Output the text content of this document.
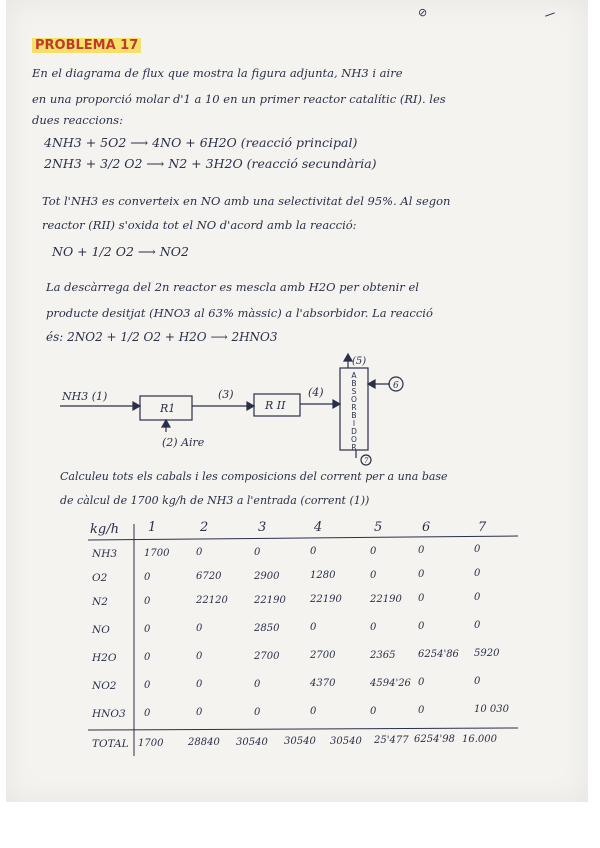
⊘
PROBLEMA 17
En el diagrama de flux que mostra la figura adjunta, NH3 i aire
en una proporció molar d'1 a 10 en un primer reactor catalític (RI). les
dues reaccions:
4NH3 + 5O2 ⟶ 4NO + 6H2O (reacció principal)
2NH3 + 3/2 O2 ⟶ N2 + 3H2O (reacció secundària)
Tot l'NH3 es converteix en NO amb una selectivitat del 95%. Al segon
reactor (RII) s'oxida tot el NO d'acord amb la reacció:
NO + 1/2 O2 ⟶ NO2
La descàrrega del 2n reactor es mescla amb H2O per obtenir el
producte desitjat (HNO3 al 63% màssic) a l'absorbidor. La reacció
és: 2NO2 + 1/2 O2 + H2O ⟶ 2HNO3
NH3 (1)
R1
(2) Aire
(3)
R II
(4)
(5)
6
7
A
B
S
O
R
B
I
D
O
R
Calculeu tots els cabals i les composicions del corrent per a una base
de càlcul de 1700 kg/h de NH3 a l'entrada (corrent (1))
kg/h 1	2	3	4	5	6	7
NH3	1700	0	0	0	0	0	0
O2	0	6720	2900	1280	0	0	0
N2	0	22120	22190 22190	22190 0	0
NO	0	0	2850	0	0	0	0
H2O	0	0	2700	2700	2365 6254'86 5920
NO2	0	0	0	4370	4594'26 0	0
HNO3 0	0	0	0	0	0	10 030
TOTAL 1700 28840 30540 30540 30540 25'477 6254'98 16.000
